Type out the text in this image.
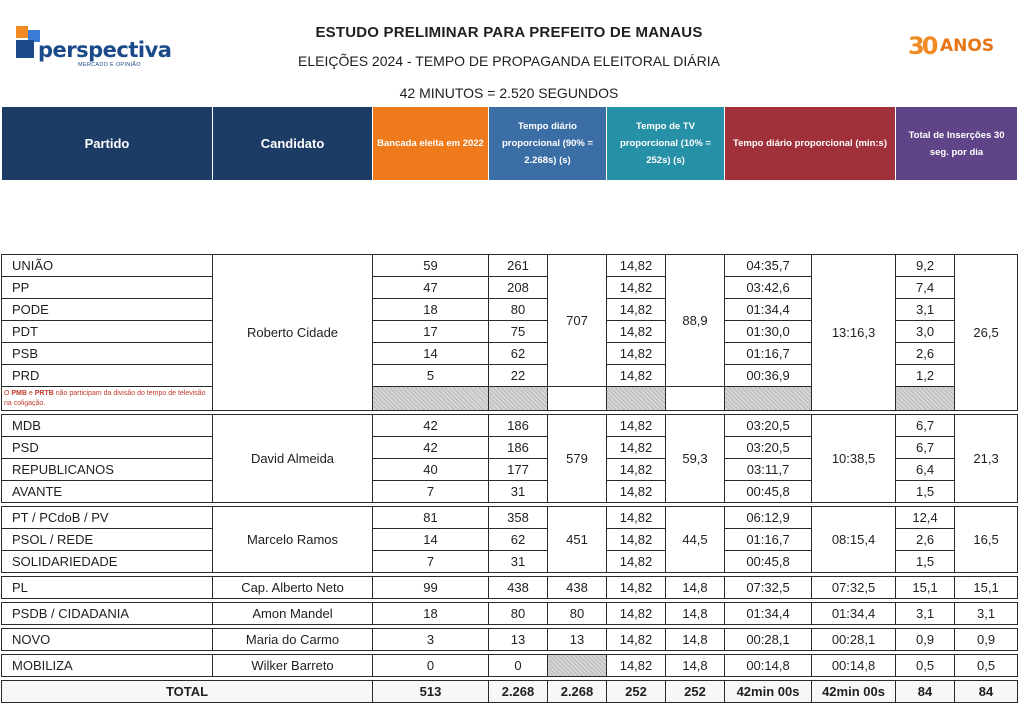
perspectiva
MERCADO E OPINIÃO
30 ANOS
ESTUDO PRELIMINAR PARA PREFEITO DE MANAUS
ELEIÇÕES 2024 - TEMPO DE PROPAGANDA ELEITORAL DIÁRIA
42 MINUTOS = 2.520 SEGUNDOS
Partido	Candidato	Bancada eleita em 2022	Tempo diário proporcional (90% = 2.268s) (s)		Tempo de TV proporcional (10% = 252s) (s)		Tempo diário proporcional (min:s)		Total de Inserções 30 seg. por dia	

UNIÃO	Roberto Cidade	59	261	707	14,82	88,9	04:35,7	13:16,3	9,2	26,5
PP		47	208		14,82		03:42,6		7,4	
PODE		18	80		14,82		01:34,4		3,1	
PDT		17	75		14,82		01:30,0		3,0	
PSB		14	62		14,82		01:16,7		2,6	
PRD		5	22		14,82		00:36,9		1,2	
O PMB e PRTB não participam da divisão do tempo de televisão na coligação.										

MDB	David Almeida	42	186	579	14,82	59,3	03:20,5	10:38,5	6,7	21,3
PSD		42	186		14,82		03:20,5		6,7	
REPUBLICANOS		40	177		14,82		03:11,7		6,4	
AVANTE		7	31		14,82		00:45,8		1,5	

PT / PCdoB / PV	Marcelo Ramos	81	358	451	14,82	44,5	06:12,9	08:15,4	12,4	16,5
PSOL / REDE		14	62		14,82		01:16,7		2,6	
SOLIDARIEDADE		7	31		14,82		00:45,8		1,5	

PL	Cap. Alberto Neto	99	438	438	14,82	14,8	07:32,5	07:32,5	15,1	15,1

PSDB / CIDADANIA	Amon Mandel	18	80	80	14,82	14,8	01:34,4	01:34,4	3,1	3,1

NOVO	Maria do Carmo	3	13	13	14,82	14,8	00:28,1	00:28,1	0,9	0,9

MOBILIZA	Wilker Barreto	0	0		14,82	14,8	00:14,8	00:14,8	0,5	0,5

TOTAL		513	2.268	2.268	252	252	42min 00s	42min 00s	84	84
